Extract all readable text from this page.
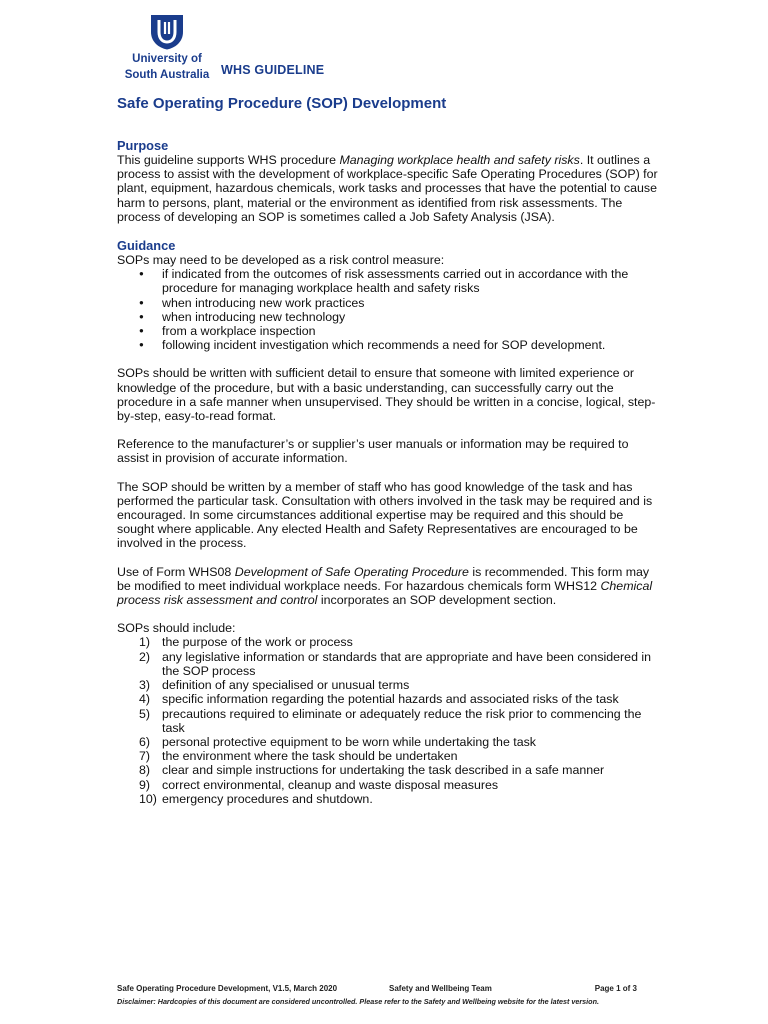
University of
South Australia WHS GUIDELINE
Safe Operating Procedure (SOP) Development
Purpose

This guideline supports WHS procedure Managing workplace health and safety risks. It outlines a process to assist with the development of workplace-specific Safe Operating Procedures (SOP) for plant, equipment, hazardous chemicals, work tasks and processes that have the potential to cause harm to persons, plant, material or the environment as identified from risk assessments. The process of developing an SOP is sometimes called a Job Safety Analysis (JSA).

Guidance

SOPs may need to be developed as a risk control measure:

● if indicated from the outcomes of risk assessments carried out in accordance with the procedure for managing workplace health and safety risks
● when introducing new work practices
● when introducing new technology
● from a workplace inspection
● following incident investigation which recommends a need for SOP development.

SOPs should be written with sufficient detail to ensure that someone with limited experience or knowledge of the procedure, but with a basic understanding, can successfully carry out the procedure in a safe manner when unsupervised. They should be written in a concise, logical, step-by-step, easy-to-read format.

Reference to the manufacturer’s or supplier’s user manuals or information may be required to assist in provision of accurate information.

The SOP should be written by a member of staff who has good knowledge of the task and has performed the particular task. Consultation with others involved in the task may be required and is encouraged. In some circumstances additional expertise may be required and this should be sought where applicable. Any elected Health and Safety Representatives are encouraged to be involved in the process.

Use of Form WHS08 Development of Safe Operating Procedure is recommended. This form may be modified to meet individual workplace needs. For hazardous chemicals form WHS12 Chemical process risk assessment and control incorporates an SOP development section.

SOPs should include:

1) the purpose of the work or process
2) any legislative information or standards that are appropriate and have been considered in the SOP process
3) definition of any specialised or unusual terms
4) specific information regarding the potential hazards and associated risks of the task
5) precautions required to eliminate or adequately reduce the risk prior to commencing the task
6) personal protective equipment to be worn while undertaking the task
7) the environment where the task should be undertaken
8) clear and simple instructions for undertaking the task described in a safe manner
9) correct environmental, cleanup and waste disposal measures
10) emergency procedures and shutdown.
Safe Operating Procedure Development, V1.5, March 2020	Safety and Wellbeing Team	Page 1 of 3
Disclaimer: Hardcopies of this document are considered uncontrolled. Please refer to the Safety and Wellbeing website for the latest version.
